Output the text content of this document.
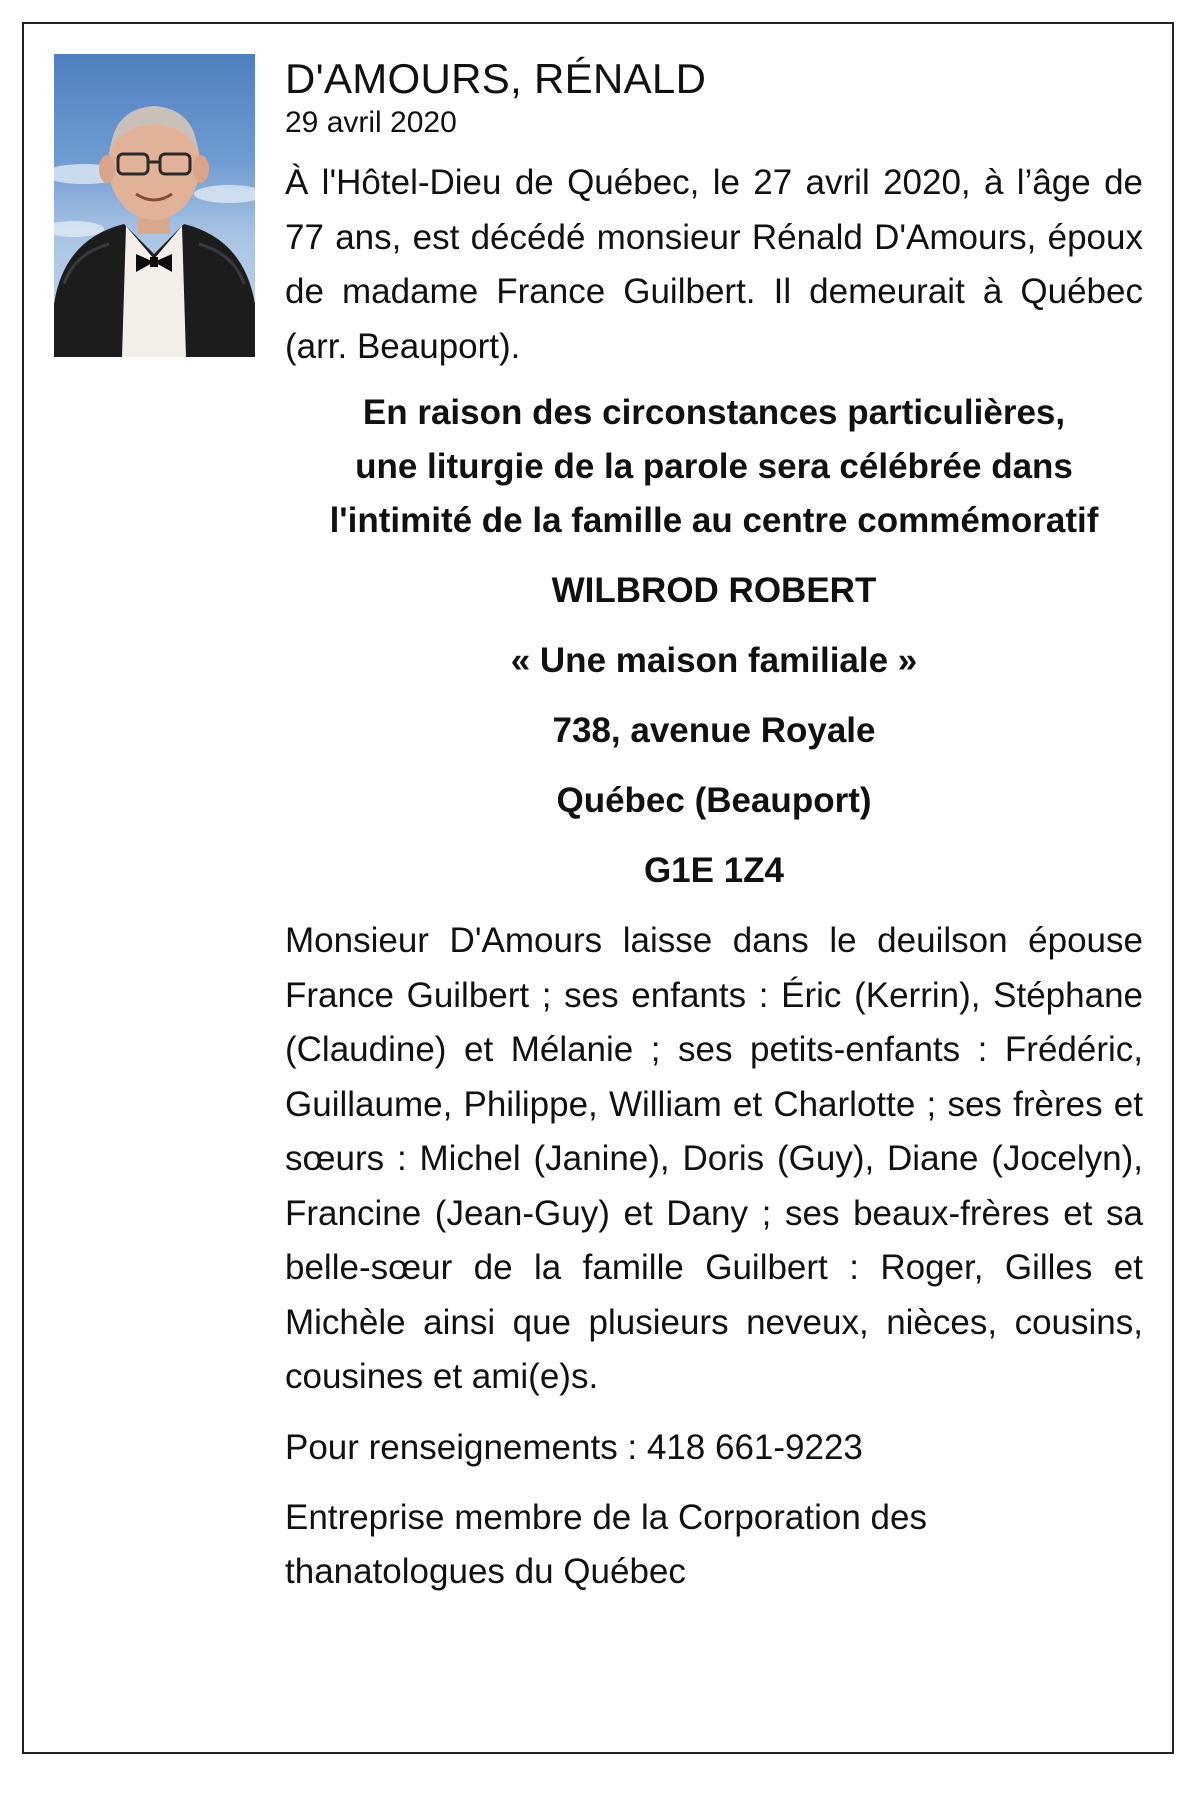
D'AMOURS, RÉNALD

29 avril 2020

À l'Hôtel-Dieu de Québec, le 27 avril 2020, à l’âge de 77 ans, est décédé monsieur Rénald D'Amours, époux de madame France Guilbert. Il demeurait à Québec (arr. Beauport).

En raison des circonstances particulières,
une liturgie de la parole sera célébrée dans
l'intimité de la famille au centre commémoratif
WILBROD ROBERT
« Une maison familiale »
738, avenue Royale
Québec (Beauport)
G1E 1Z4

Monsieur D'Amours laisse dans le deuilson épouse France Guilbert ; ses enfants : Éric (Kerrin), Stéphane (Claudine) et Mélanie ; ses petits-enfants : Frédéric, Guillaume, Philippe, William et Charlotte ; ses frères et sœurs : Michel (Janine), Doris (Guy), Diane (Jocelyn), Francine (Jean-Guy) et Dany ; ses beaux-frères et sa belle-sœur de la famille Guilbert : Roger, Gilles et Michèle ainsi que plusieurs neveux, nièces, cousins, cousines et ami(e)s.

Pour renseignements : 418 661-9223

Entreprise membre de la Corporation des
thanatologues du Québec
